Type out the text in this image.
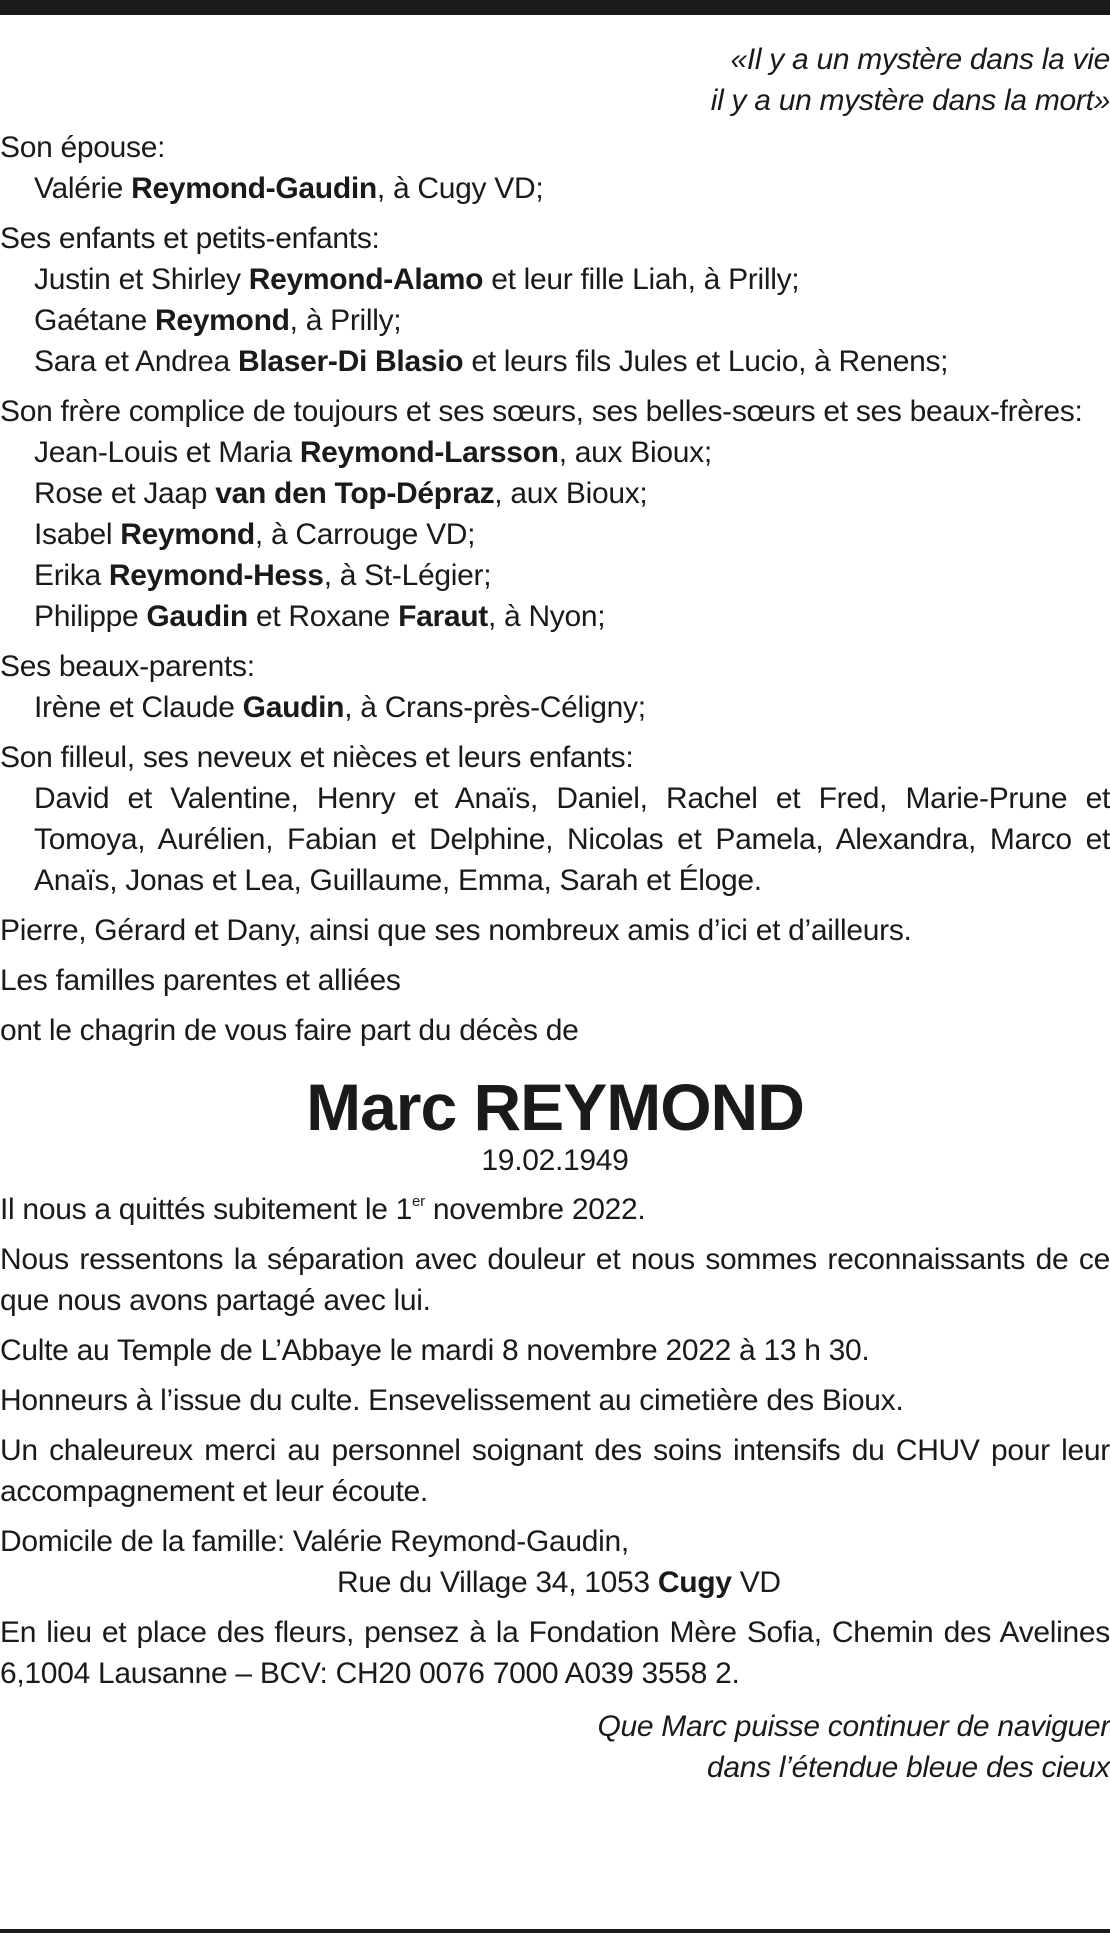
«Il y a un mystère dans la vie
il y a un mystère dans la mort»
Son épouse:
Valérie Reymond-Gaudin, à Cugy VD;
Ses enfants et petits-enfants:
Justin et Shirley Reymond-Alamo et leur fille Liah, à Prilly;
Gaétane Reymond, à Prilly;
Sara et Andrea Blaser-Di Blasio et leurs fils Jules et Lucio, à Renens;
Son frère complice de toujours et ses sœurs, ses belles-sœurs et ses beaux-frères:
Jean-Louis et Maria Reymond-Larsson, aux Bioux;
Rose et Jaap van den Top-Dépraz, aux Bioux;
Isabel Reymond, à Carrouge VD;
Erika Reymond-Hess, à St-Légier;
Philippe Gaudin et Roxane Faraut, à Nyon;
Ses beaux-parents:
Irène et Claude Gaudin, à Crans-près-Céligny;
Son filleul, ses neveux et nièces et leurs enfants:
David et Valentine, Henry et Anaïs, Daniel, Rachel et Fred, Marie-Prune et Tomoya, Aurélien, Fabian et Delphine, Nicolas et Pamela, Alexandra, Marco et Anaïs, Jonas et Lea, Guillaume, Emma, Sarah et Éloge.
Pierre, Gérard et Dany, ainsi que ses nombreux amis d’ici et d’ailleurs.
Les familles parentes et alliées
ont le chagrin de vous faire part du décès de
Marc REYMOND
19.02.1949
Il nous a quittés subitement le 1er novembre 2022.
Nous ressentons la séparation avec douleur et nous sommes reconnaissants de ce que nous avons partagé avec lui.
Culte au Temple de L’Abbaye le mardi 8 novembre 2022 à 13 h 30.
Honneurs à l’issue du culte. Ensevelissement au cimetière des Bioux.
Un chaleureux merci au personnel soignant des soins intensifs du CHUV pour leur accompagnement et leur écoute.
Domicile de la famille: Valérie Reymond-Gaudin,
Rue du Village 34, 1053 Cugy VD
En lieu et place des fleurs, pensez à la Fondation Mère Sofia, Chemin des Avelines 6,1004 Lausanne – BCV: CH20 0076 7000 A039 3558 2.
Que Marc puisse continuer de naviguer
dans l’étendue bleue des cieux
